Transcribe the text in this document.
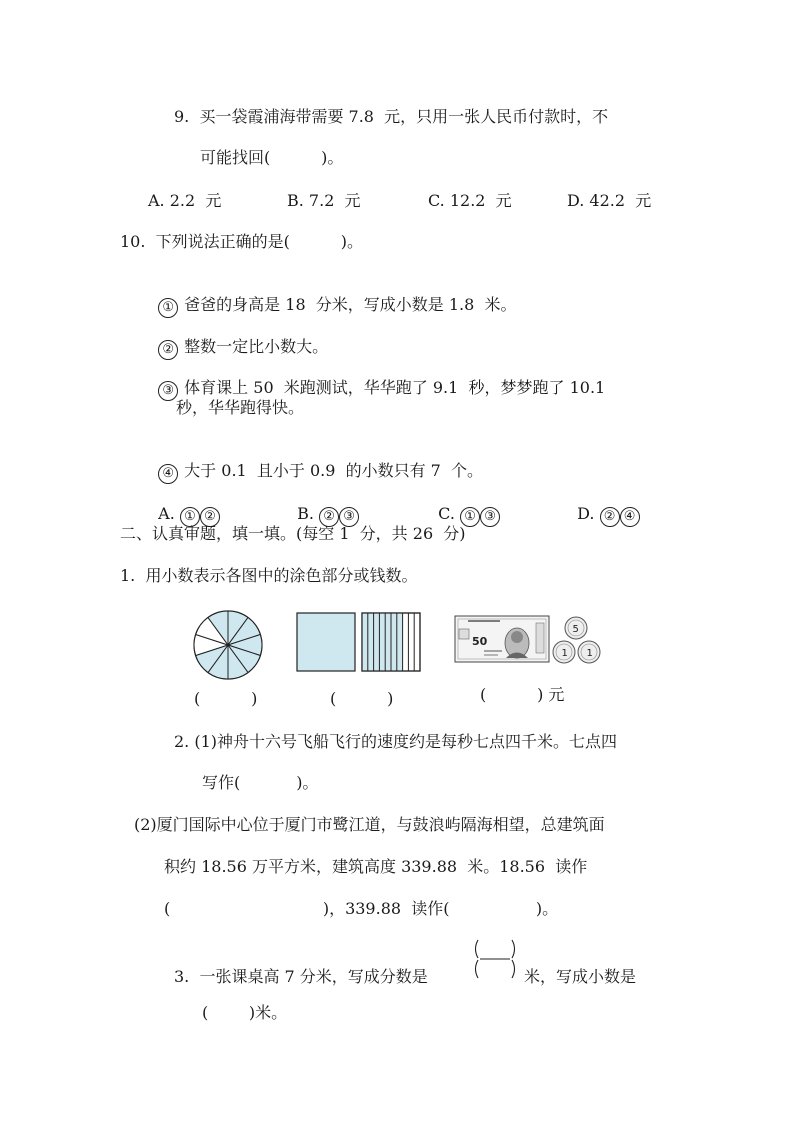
9.  买一袋霞浦海带需要 7.8  元，只用一张人民币付款时，不
可能找回(          )。
A. 2.2  元	B. 7.2  元	C. 12.2  元	D. 42.2  元
10.  下列说法正确的是(          )。

① 爸爸的身高是 18  分米，写成小数是 1.8  米。

② 整数一定比小数大。

③ 体育课上 50  米跑测试，华华跑了 9.1  秒，梦梦跑了 10.1

秒，华华跑得快。

④ 大于 0.1  且小于 0.9  的小数只有 7  个。

A. ① ②	B. ② ③	C. ① ③	D. ② ④

二、认真审题，填一填。(每空 1  分，共 26  分)
1.  用小数表示各图中的涂色部分或钱数。
50
5
1 1
(          )	(          )	(          ) 元
2. (1)神舟十六号飞船飞行的速度约是每秒七点四千米。七点四
写作(           )。
(2)厦门国际中心位于厦门市鹭江道，与鼓浪屿隔海相望，总建筑面
积约 18.56 万平方米，建筑高度 339.88  米。18.56  读作
(                              )，339.88  读作(                 )。
3.  一张课桌高 7 分米，写成分数是	米，写成小数是
(        )米。
